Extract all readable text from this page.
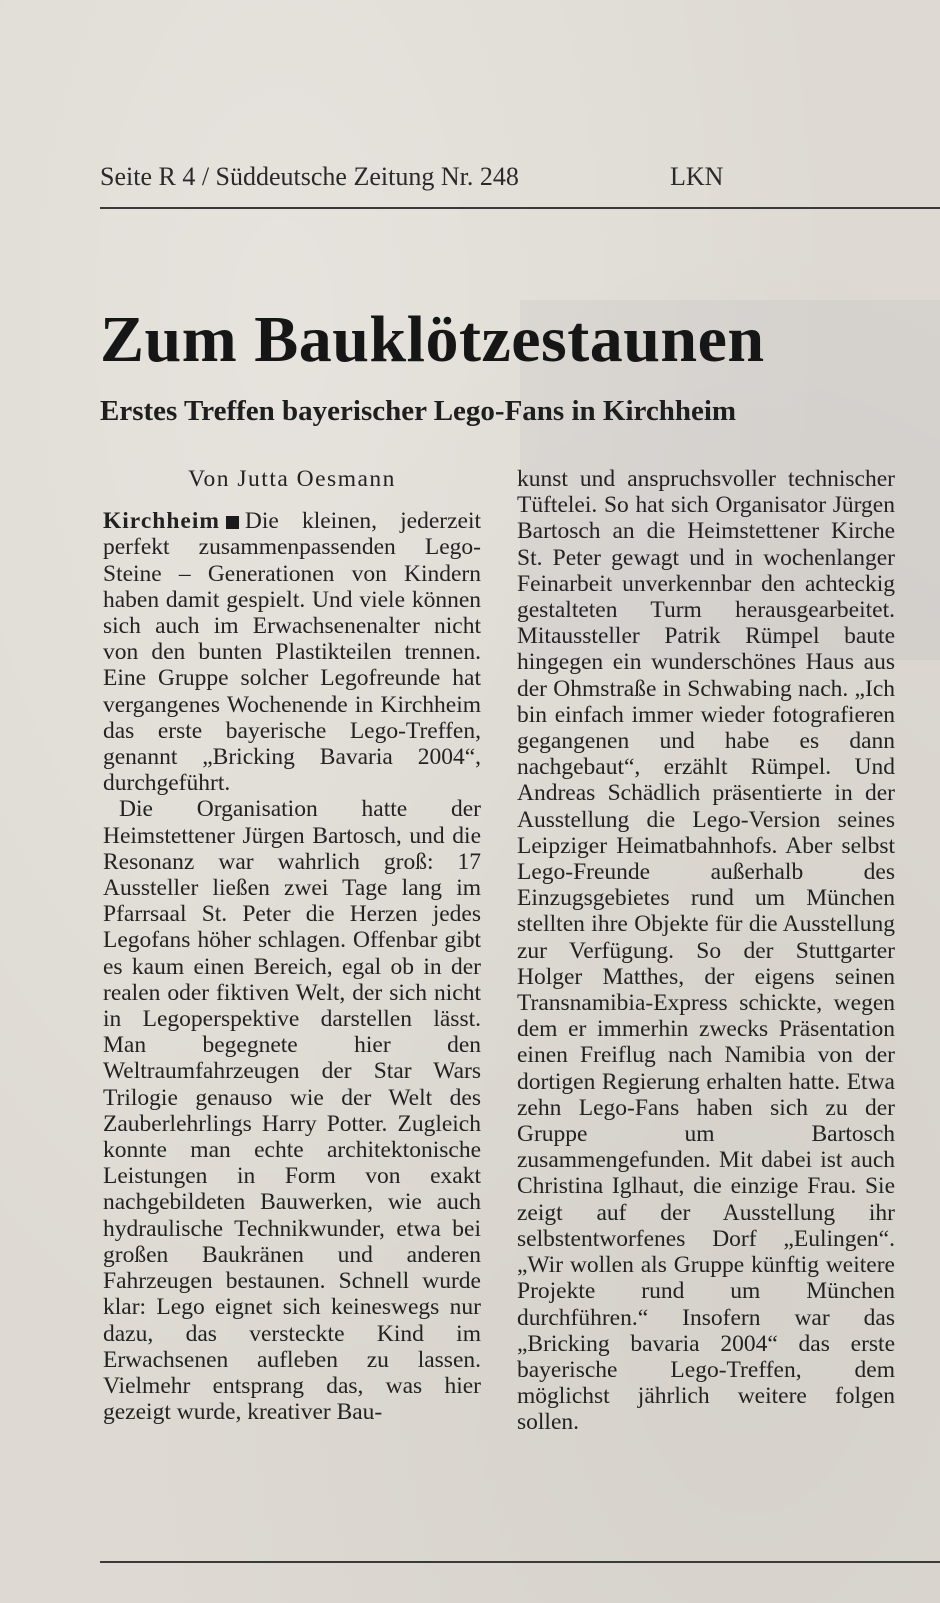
Seite R 4 / Süddeutsche Zeitung Nr. 248	LKN
Zum Bauklötzestaunen
Erstes Treffen bayerischer Lego-Fans in Kirchheim
Von Jutta Oesmann

Kirchheim Die kleinen, jederzeit perfekt zusammenpassenden Lego-Steine – Generationen von Kindern haben damit gespielt. Und viele können sich auch im Erwachsenenalter nicht von den bunten Plastikteilen trennen. Eine Gruppe solcher Legofreunde hat vergangenes Wochenende in Kirchheim das erste bayerische Lego-Treffen, genannt „Bricking Bavaria 2004“, durchgeführt.

Die Organisation hatte der Heimstettener Jürgen Bartosch, und die Resonanz war wahrlich groß: 17 Aussteller ließen zwei Tage lang im Pfarrsaal St. Peter die Herzen jedes Legofans höher schlagen. Offenbar gibt es kaum einen Bereich, egal ob in der realen oder fiktiven Welt, der sich nicht in Legoperspektive darstellen lässt. Man begegnete hier den Weltraumfahrzeugen der Star Wars Trilogie genauso wie der Welt des Zauberlehrlings Harry Potter. Zugleich konnte man echte architektonische Leistungen in Form von exakt nachgebildeten Bauwerken, wie auch hydraulische Technikwunder, etwa bei großen Baukränen und anderen Fahrzeugen bestaunen. Schnell wurde klar: Lego eignet sich keineswegs nur dazu, das versteckte Kind im Erwachsenen aufleben zu lassen. Vielmehr entsprang das, was hier gezeigt wurde, kreativer Bau-

kunst und anspruchsvoller technischer Tüftelei. So hat sich Organisator Jürgen Bartosch an die Heimstettener Kirche St. Peter gewagt und in wochenlanger Feinarbeit unverkennbar den achteckig gestalteten Turm herausgearbeitet. Mitaussteller Patrik Rümpel baute hingegen ein wunderschönes Haus aus der Ohmstraße in Schwabing nach. „Ich bin einfach immer wieder fotografieren gegangenen und habe es dann nachgebaut“, erzählt Rümpel. Und Andreas Schädlich präsentierte in der Ausstellung die Lego-Version seines Leipziger Heimatbahnhofs. Aber selbst Lego-Freunde außerhalb des Einzugsgebietes rund um München stellten ihre Objekte für die Ausstellung zur Verfügung. So der Stuttgarter Holger Matthes, der eigens seinen Transnamibia-Express schickte, wegen dem er immerhin zwecks Präsentation einen Freiflug nach Namibia von der dortigen Regierung erhalten hatte. Etwa zehn Lego-Fans haben sich zu der Gruppe um Bartosch zusammengefunden. Mit dabei ist auch Christina Iglhaut, die einzige Frau. Sie zeigt auf der Ausstellung ihr selbstentworfenes Dorf „Eulingen“. „Wir wollen als Gruppe künftig weitere Projekte rund um München durchführen.“ Insofern war das „Bricking bavaria 2004“ das erste bayerische Lego-Treffen, dem möglichst jährlich weitere folgen sollen.
